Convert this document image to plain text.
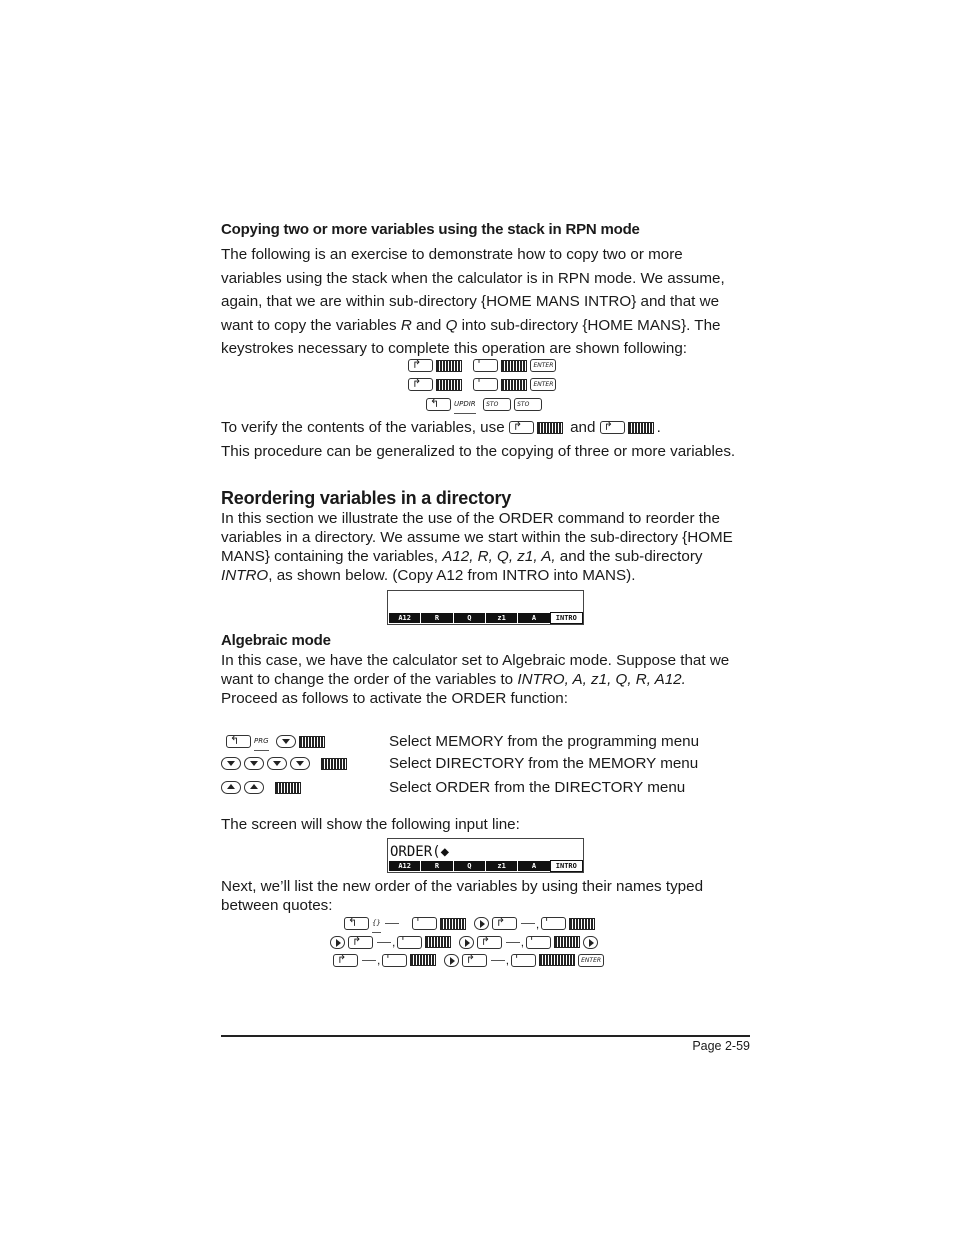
Copying two or more variables using the stack in RPN mode
The following is an exercise to demonstrate how to copy two or more variables using the stack when the calculator is in RPN mode. We assume, again, that we are within sub-directory {HOME MANS INTRO} and that we want to copy the variables R and Q into sub-directory {HOME MANS}. The keystrokes necessary to complete this operation are shown following:
↱
	'	ENTER
↱
	'	ENTER
↰ UPDIR STO	STO
To verify the contents of the variables, use ↱	and ↱	.
This procedure can be generalized to the copying of three or more variables.
Reordering variables in a directory
In this section we illustrate the use of the ORDER command to reorder the variables in a directory. We assume we start within the sub-directory {HOME MANS} containing the variables, A12, R, Q, z1, A, and the sub-directory INTRO, as shown below. (Copy A12 from INTRO into MANS).
A12	R	Q	z1	A	INTRO
Algebraic mode
In this case, we have the calculator set to Algebraic mode. Suppose that we want to change the order of the variables to INTRO, A, z1, Q, R, A12.
Proceed as follows to activate the ORDER function:
↰ PRG	Select MEMORY from the programming menu

Select DIRECTORY from the MEMORY menu

Select ORDER from the DIRECTORY menu
The screen will show the following input line:
ORDER(◆
A12	R	Q	z1	A	INTRO
Next, we’ll list the new order of the variables by using their names typed between quotes:
↰ {}	'
	↱	, '
↱	, '
	↱	, '
↱	, '
	↱	, '	ENTER
Page 2-59
